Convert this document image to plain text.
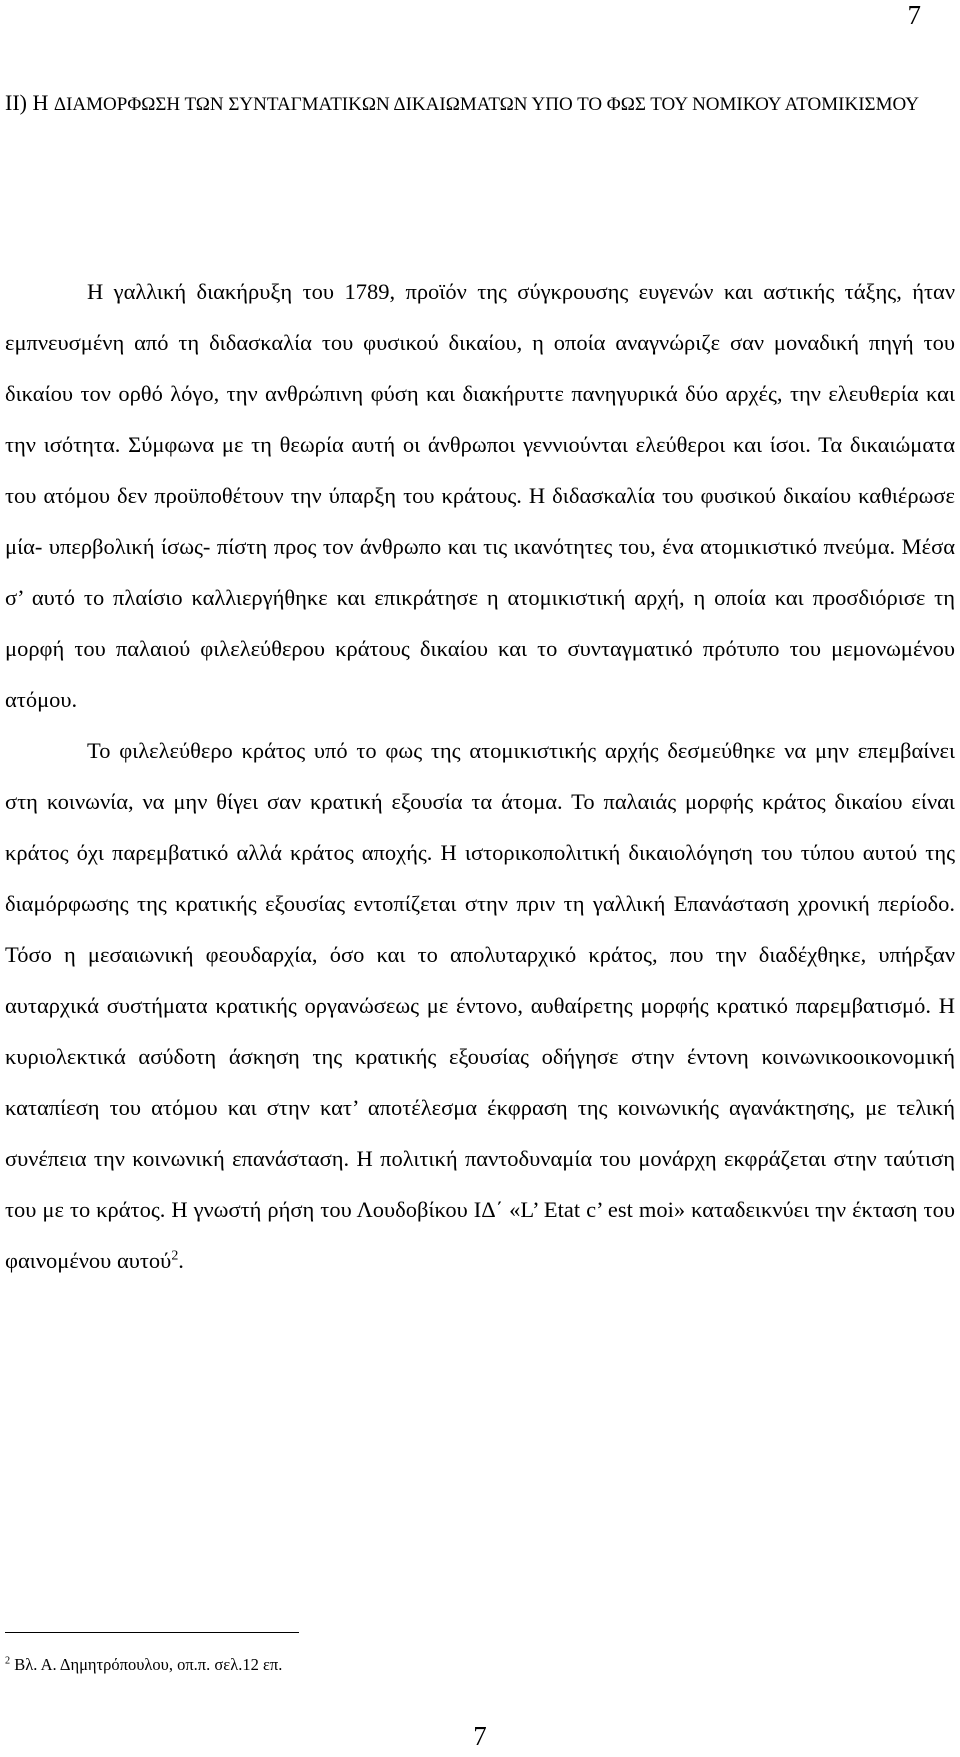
7
II) Η ΔΙΑΜΟΡΦΩΣΗ ΤΩΝ ΣΥΝΤΑΓΜΑΤΙΚΩΝ ΔΙΚΑΙΩΜΑΤΩΝ ΥΠΟ ΤΟ ΦΩΣ ΤΟΥ ΝΟΜΙΚΟΥ ΑΤΟΜΙΚΙΣΜΟΥ

Η γαλλική διακήρυξη του 1789, προϊόν της σύγκρουσης ευγενών και αστικής τάξης, ήταν εμπνευσμένη από τη διδασκαλία του φυσικού δικαίου, η οποία αναγνώριζε σαν μοναδική πηγή του δικαίου τον ορθό λόγο, την ανθρώπινη φύση και διακήρυττε πανηγυρικά δύο αρχές, την ελευθερία και την ισότητα. Σύμφωνα με τη θεωρία αυτή οι άνθρωποι γεννιούνται ελεύθεροι και ίσοι. Τα δικαιώματα του ατόμου δεν προϋποθέτουν την ύπαρξη του κράτους. Η διδασκαλία του φυσικού δικαίου καθιέρωσε μία- υπερβολική ίσως- πίστη προς τον άνθρωπο και τις ικανότητες του, ένα ατομικιστικό πνεύμα. Μέσα σ’ αυτό το πλαίσιο καλλιεργήθηκε και επικράτησε η ατομικιστική αρχή, η οποία και προσδιόρισε τη μορφή του παλαιού φιλελεύθερου κράτους δικαίου και το συνταγματικό πρότυπο του μεμονωμένου ατόμου.

Το φιλελεύθερο κράτος υπό το φως της ατομικιστικής αρχής δεσμεύθηκε να μην επεμβαίνει στη κοινωνία, να μην θίγει σαν κρατική εξουσία τα άτομα. Το παλαιάς μορφής κράτος δικαίου είναι κράτος όχι παρεμβατικό αλλά κράτος αποχής. Η ιστορικοπολιτική δικαιολόγηση του τύπου αυτού της διαμόρφωσης της κρατικής εξουσίας εντοπίζεται στην πριν τη γαλλική Επανάσταση χρονική περίοδο. Τόσο η μεσαιωνική φεουδαρχία, όσο και το απολυταρχικό κράτος, που την διαδέχθηκε, υπήρξαν αυταρχικά συστήματα κρατικής οργανώσεως με έντονο, αυθαίρετης μορφής κρατικό παρεμβατισμό. Η κυριολεκτικά ασύδοτη άσκηση της κρατικής εξουσίας οδήγησε στην έντονη κοινωνικοοικονομική καταπίεση του ατόμου και στην κατ’ αποτέλεσμα έκφραση της κοινωνικής αγανάκτησης, με τελική συνέπεια την κοινωνική επανάσταση. Η πολιτική παντοδυναμία του μονάρχη εκφράζεται στην ταύτιση του με το κράτος. Η γνωστή ρήση του Λουδοβίκου ΙΔ΄ «L’ Etat c’ est moi» καταδεικνύει την έκταση του φαινομένου αυτού$^2$.

$^2$ Βλ. Α. Δημητρόπουλου, οπ.π. σελ.12 επ.
7
